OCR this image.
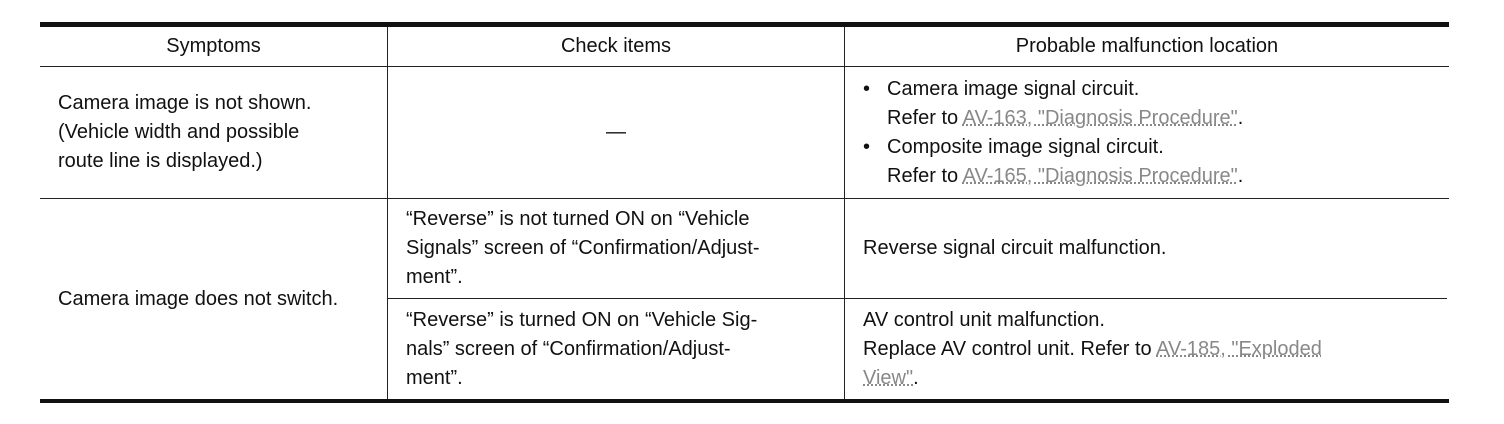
Symptoms	Check items	Probable malfunction location
Camera image is not shown.
(Vehicle width and possible
route line is displayed.)
—
• Camera image signal circuit.
Refer to AV-163, "Diagnosis Procedure".
• Composite image signal circuit.
Refer to AV-165, "Diagnosis Procedure".
Camera image does not switch.
“Reverse” is not turned ON on “Vehicle
Signals” screen of “Confirmation/Adjust-
ment”.
Reverse signal circuit malfunction.
“Reverse” is turned ON on “Vehicle Sig-
nals” screen of “Confirmation/Adjust-
ment”.
AV control unit malfunction.
Replace AV control unit. Refer to AV-185, "Exploded
View".
